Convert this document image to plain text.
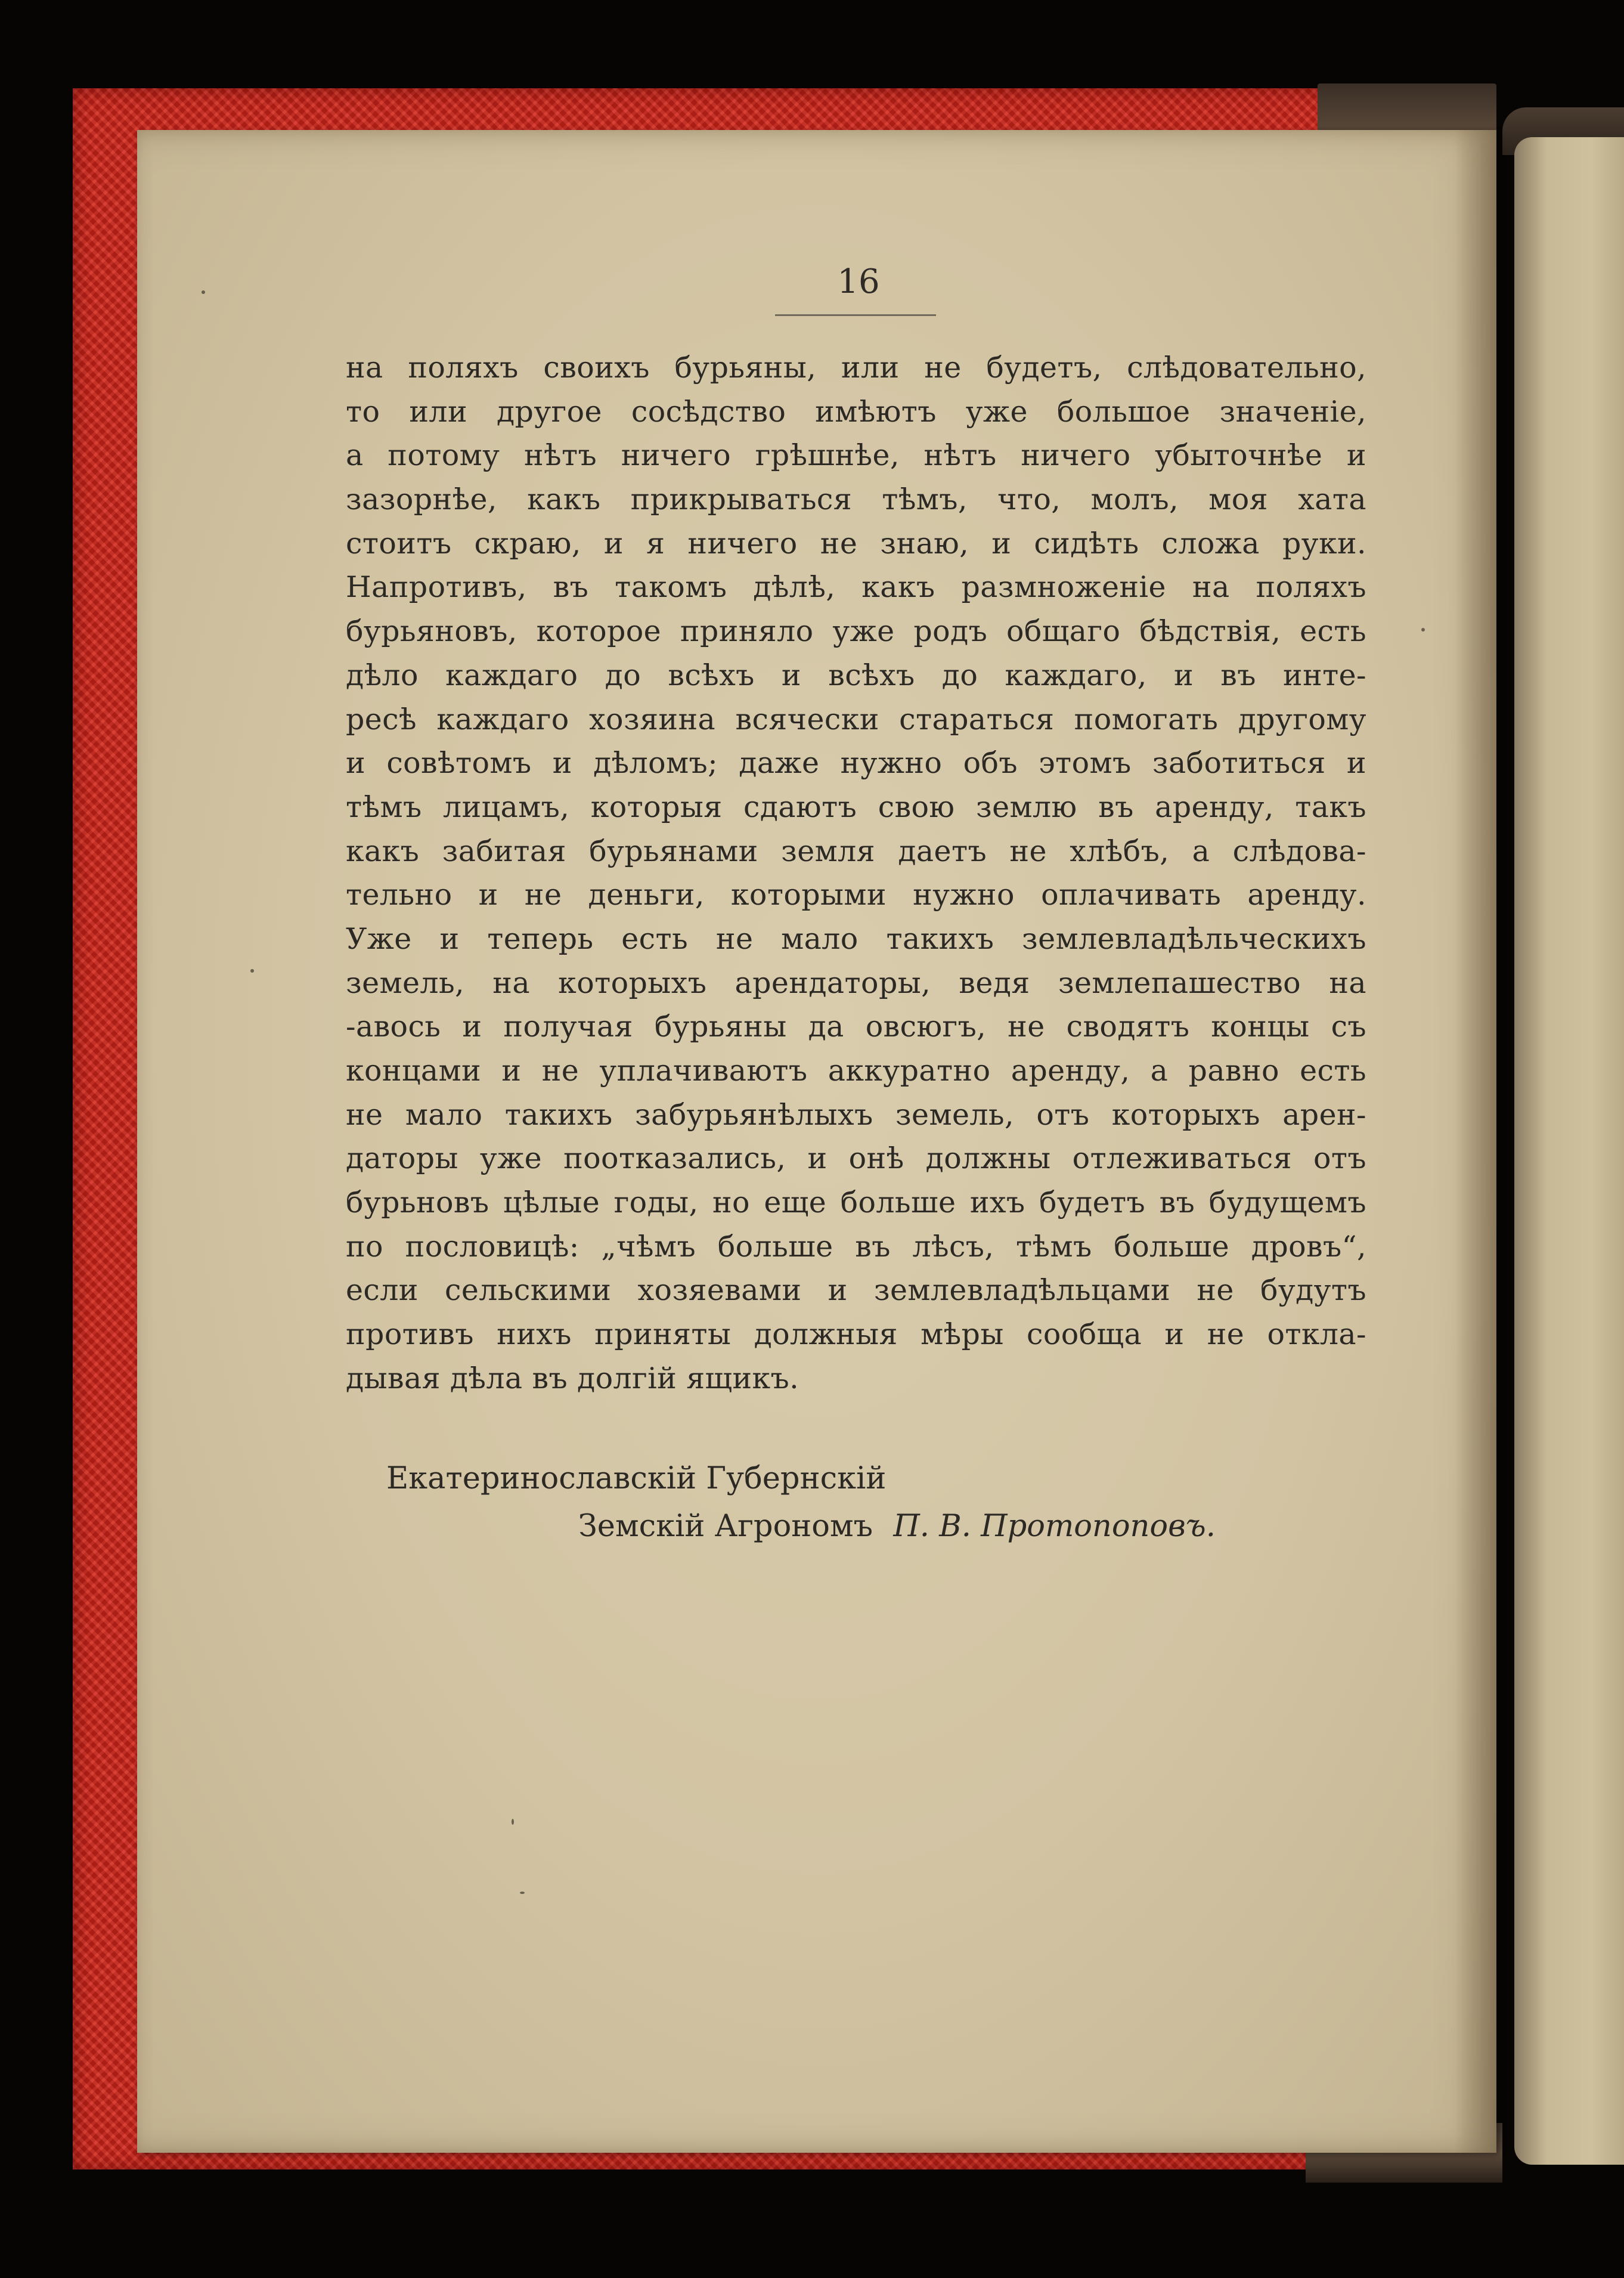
16

на поляхъ своихъ бурьяны, или не будетъ, слѣдовательно,
то или другое сосѣдство имѣютъ уже большое значенiе,
а потому нѣтъ ничего грѣшнѣе, нѣтъ ничего убыточнѣе и
зазорнѣе, какъ прикрываться тѣмъ, что, молъ, моя хата
стоитъ скраю, и я ничего не знаю, и сидѣть сложа руки.
Напротивъ, въ такомъ дѣлѣ, какъ размноженiе на поляхъ
бурьяновъ, которое приняло уже родъ общаго бѣдствiя, есть
дѣло каждаго до всѣхъ и всѣхъ до каждаго, и въ инте-
ресѣ каждаго хозяина всячески стараться помогать другому
и совѣтомъ и дѣломъ; даже нужно объ этомъ заботиться и
тѣмъ лицамъ, которыя сдаютъ свою землю въ аренду, такъ
какъ забитая бурьянами земля даетъ не хлѣбъ, а слѣдова-
тельно и не деньги, которыми нужно оплачивать аренду.
Уже и теперь есть не мало такихъ землевладѣльческихъ
земель, на которыхъ арендаторы, ведя землепашество на
-авось и получая бурьяны да овсюгъ, не сводятъ концы съ
концами и не уплачиваютъ аккуратно аренду, а равно есть
не мало такихъ забурьянѣлыхъ земель, отъ которыхъ арен-
даторы уже поотказались, и онѣ должны отлеживаться отъ
бурьновъ цѣлые годы, но еще больше ихъ будетъ въ будущемъ
по пословицѣ: „чѣмъ больше въ лѣсъ, тѣмъ больше дровъ“,
если сельскими хозяевами и землевладѣльцами не будутъ
противъ нихъ приняты должныя мѣры сообща и не откла-
дывая дѣла въ долгiй ящикъ.
Екатеринославскiй Губернскiй
Земскiй Агрономъ П. В. Протопоповъ.
